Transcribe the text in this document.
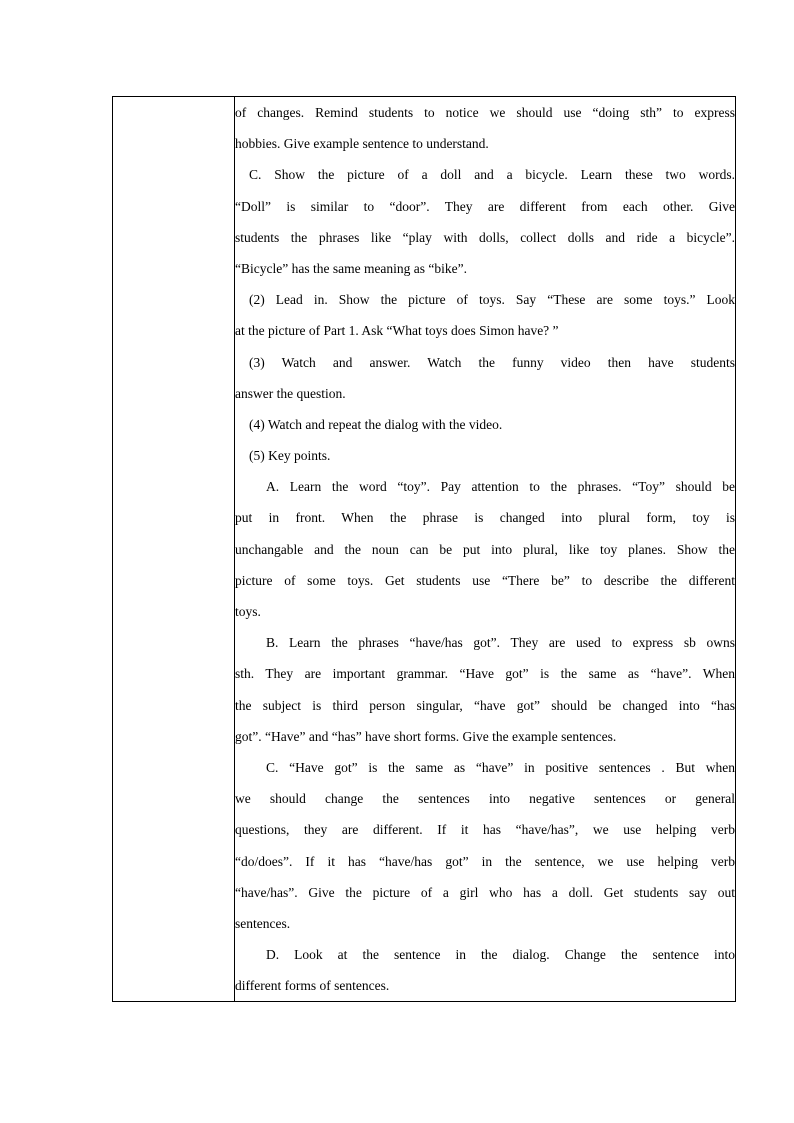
of changes. Remind students to notice we should use “doing sth” to express
hobbies. Give example sentence to understand.
C. Show the picture of a doll and a bicycle. Learn these two words.
“Doll” is similar to “door”. They are different from each other. Give
students the phrases like “play with dolls, collect dolls and ride a bicycle”.
“Bicycle” has the same meaning as “bike”.
(2) Lead in. Show the picture of toys. Say “These are some toys.” Look
at the picture of Part 1. Ask “What toys does Simon have? ”
(3) Watch and answer. Watch the funny video then have students
answer the question.
(4) Watch and repeat the dialog with the video.
(5) Key points.
A. Learn the word “toy”. Pay attention to the phrases. “Toy” should be
put in front. When the phrase is changed into plural form, toy is
unchangable and the noun can be put into plural, like toy planes. Show the
picture of some toys. Get students use “There be” to describe the different
toys.
B. Learn the phrases “have/has got”. They are used to express sb owns
sth. They are important grammar. “Have got” is the same as “have”. When
the subject is third person singular, “have got” should be changed into “has
got”. “Have” and “has” have short forms. Give the example sentences.
C. “Have got” is the same as “have” in positive sentences . But when
we should change the sentences into negative sentences or general
questions, they are different. If it has “have/has”, we use helping verb
“do/does”. If it has “have/has got” in the sentence, we use helping verb
“have/has”. Give the picture of a girl who has a doll. Get students say out
sentences.
D. Look at the sentence in the dialog. Change the sentence into
different forms of sentences.
